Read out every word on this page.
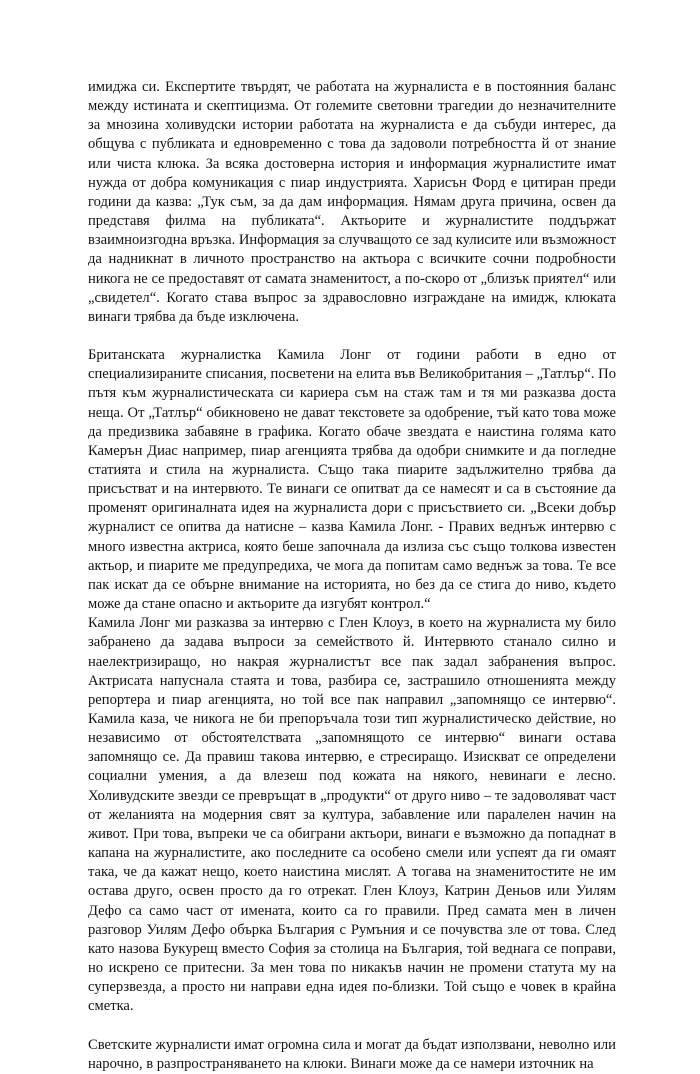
имиджа си. Експертите твърдят, че работата на журналиста е в постоянния баланс между истината и скептицизма. От големите световни трагедии до незначителните за мнозина холивудски истории работата на журналиста е да събуди интерес, да общува с публиката и едновременно с това да задоволи потребността й от знание или чиста клюка. За всяка достоверна история и информация журналистите имат нужда от добра комуникация с пиар индустрията. Харисън Форд е цитиран преди години да казва: „Тук съм, за да дам информация. Нямам друга причина, освен да представя филма на публиката“. Актьорите и журналистите поддържат взаимноизгодна връзка. Информация за случващото се зад кулисите или възможност да надникнат в личното пространство на актьора с всичките сочни подробности никога не се предоставят от самата знаменитост, а по-скоро от „близък приятел“ или „свидетел“. Когато става въпрос за здравословно изграждане на имидж, клюката винаги трябва да бъде изключена.

Британската журналистка Камила Лонг от години работи в едно от специализираните списания, посветени на елита във Великобритания – „Татлър“. По пътя към журналистическата си кариера съм на стаж там и тя ми разказва доста неща. От „Татлър“ обикновено не дават текстовете за одобрение, тъй като това може да предизвика забавяне в графика. Когато обаче звездата е наистина голяма като Камерън Диас например, пиар агенцията трябва да одобри снимките и да погледне статията и стила на журналиста. Също така пиарите задължително трябва да присъстват и на интервюто. Те винаги се опитват да се намесят и са в състояние да променят оригиналната идея на журналиста дори с присъствието си. „Всеки добър журналист се опитва да натисне – казва Камила Лонг. - Правих веднъж интервю с много известна актриса, която беше започнала да излиза със също толкова известен актьор, и пиарите ме предупредиха, че мога да попитам само веднъж за това. Те все пак искат да се обърне внимание на историята, но без да се стига до ниво, където може да стане опасно и актьорите да изгубят контрол.“

Камила Лонг ми разказва за интервю с Глен Клоуз, в което на журналиста му било забранено да задава въпроси за семейството й. Интервюто станало силно и наелектризиращо, но накрая журналистът все пак задал забранения въпрос. Актрисата напуснала стаята и това, разбира се, застрашило отношенията между репортера и пиар агенцията, но той все пак направил „запомнящо се интервю“. Камила каза, че никога не би препоръчала този тип журналистическо действие, но независимо от обстоятелствата „запомнящото се интервю“ винаги остава запомнящо се. Да правиш такова интервю, е стресиращо. Изискват се определени социални умения, а да влезеш под кожата на някого, невинаги е лесно. Холивудските звезди се превръщат в „продукти“ от друго ниво – те задоволяват част от желанията на модерния свят за култура, забавление или паралелен начин на живот. При това, въпреки че са обиграни актьори, винаги е възможно да попаднат в капана на журналистите, ако последните са особено смели или успеят да ги омаят така, че да кажат нещо, което наистина мислят. А тогава на знаменитостите не им остава друго, освен просто да го отрекат. Глен Клоуз, Катрин Деньов или Уилям Дефо са само част от имената, които са го правили. Пред самата мен в личен разговор Уилям Дефо обърка България с Румъния и се почувства зле от това. След като назова Букурещ вместо София за столица на България, той веднага се поправи, но искрено се притесни. За мен това по никакъв начин не промени статута му на суперзвезда, а просто ни направи една идея по-близки. Той също е човек в крайна сметка.

Светските журналисти имат огромна сила и могат да бъдат използвани, неволно или нарочно, в разпространяването на клюки. Винаги може да се намери източник на
